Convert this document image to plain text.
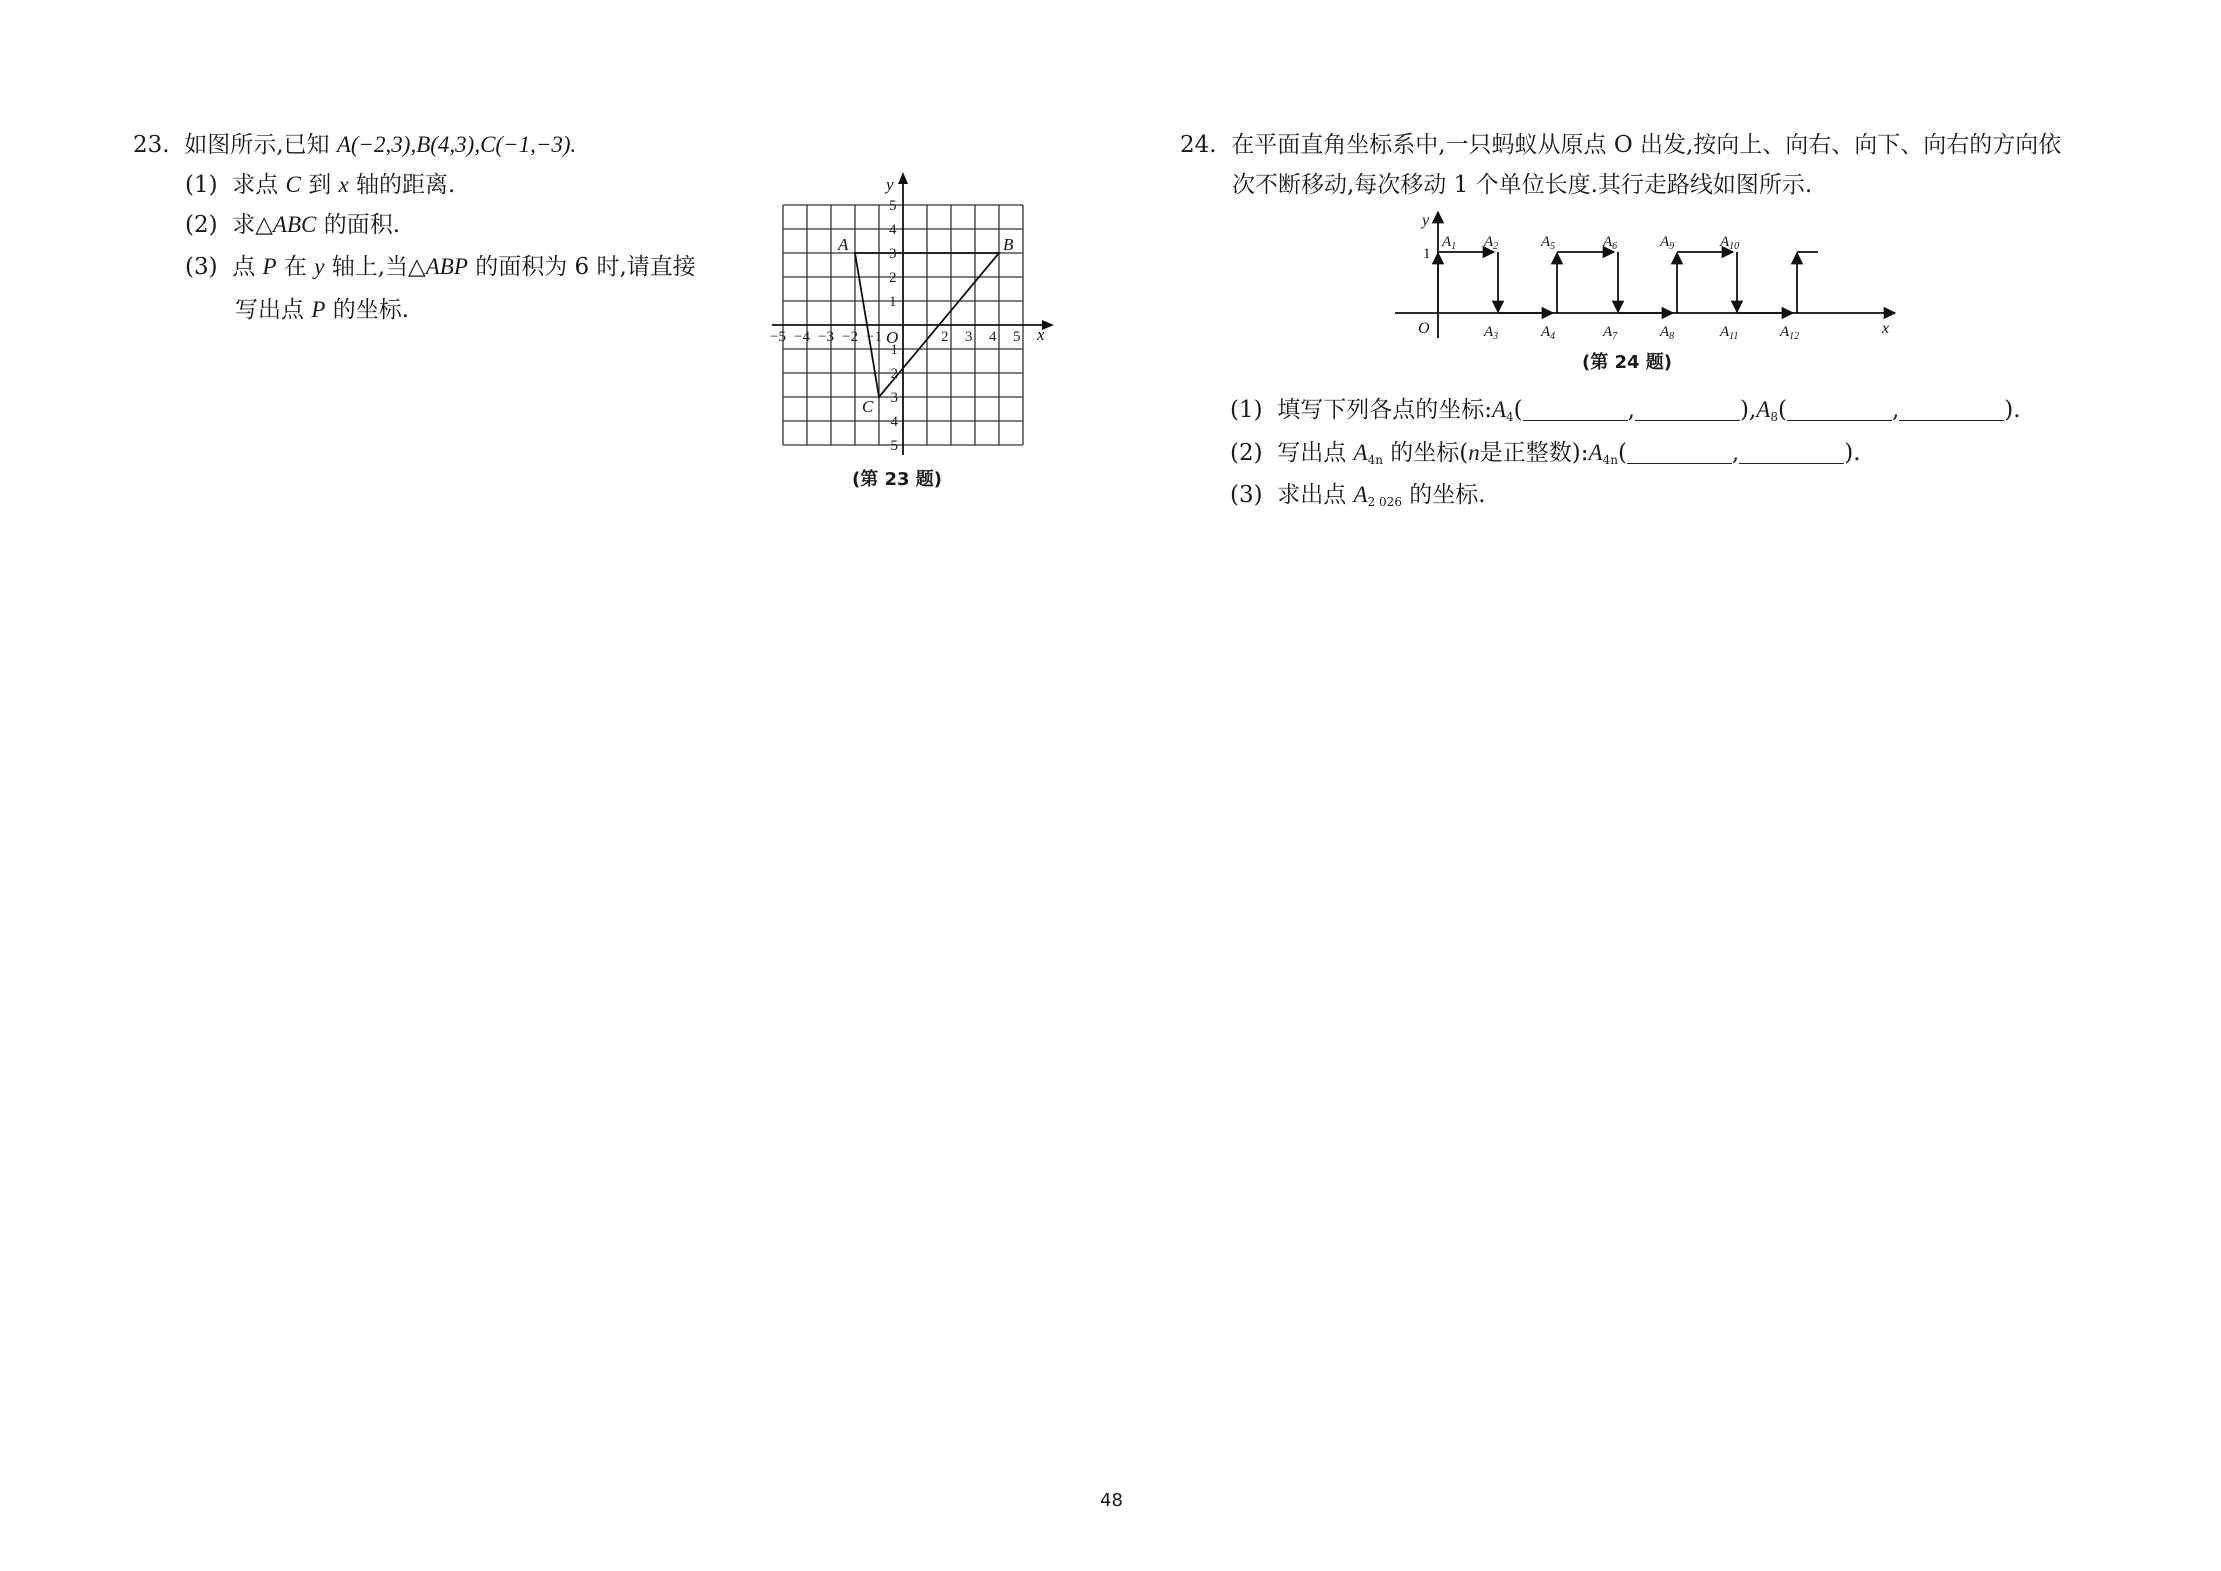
23. 如图所示,已知 A(−2,3),B(4,3),C(−1,−3).
(1) 求点 C 到 x 轴的距离.
(2) 求△ABC 的面积.
(3) 点 P 在 y 轴上,当△ABP 的面积为 6 时,请直接
写出点 P 的坐标.
−5 −4 −3 −2 −1	2 3 4 5
5
4
3
2
1
−1
−2
−3
−4
−5
O	x
y
A	B
C
(第 23 题)
24. 在平面直角坐标系中,一只蚂蚁从原点 O 出发,按向上、向右、向下、向右的方向依
次不断移动,每次移动 1 个单位长度.其行走路线如图所示.
y
x
O
1
$A_1$ $A_2$	$A_5$	$A_6$	$A_9$	$A_{10}$
$A_3$	$A_4$	$A_7$	$A_8$	$A_{11}$	$A_{12}$
(第 24 题)
(1) 填写下列各点的坐标$:A_4$(	,	)$,A_8$(	,	).
(2) 写出点 $A_{4n}$ 的坐标(n是正整数)$:A_{4n}$(	,	).
(3) 求出点 $A_{2 026}$ 的坐标.
48
